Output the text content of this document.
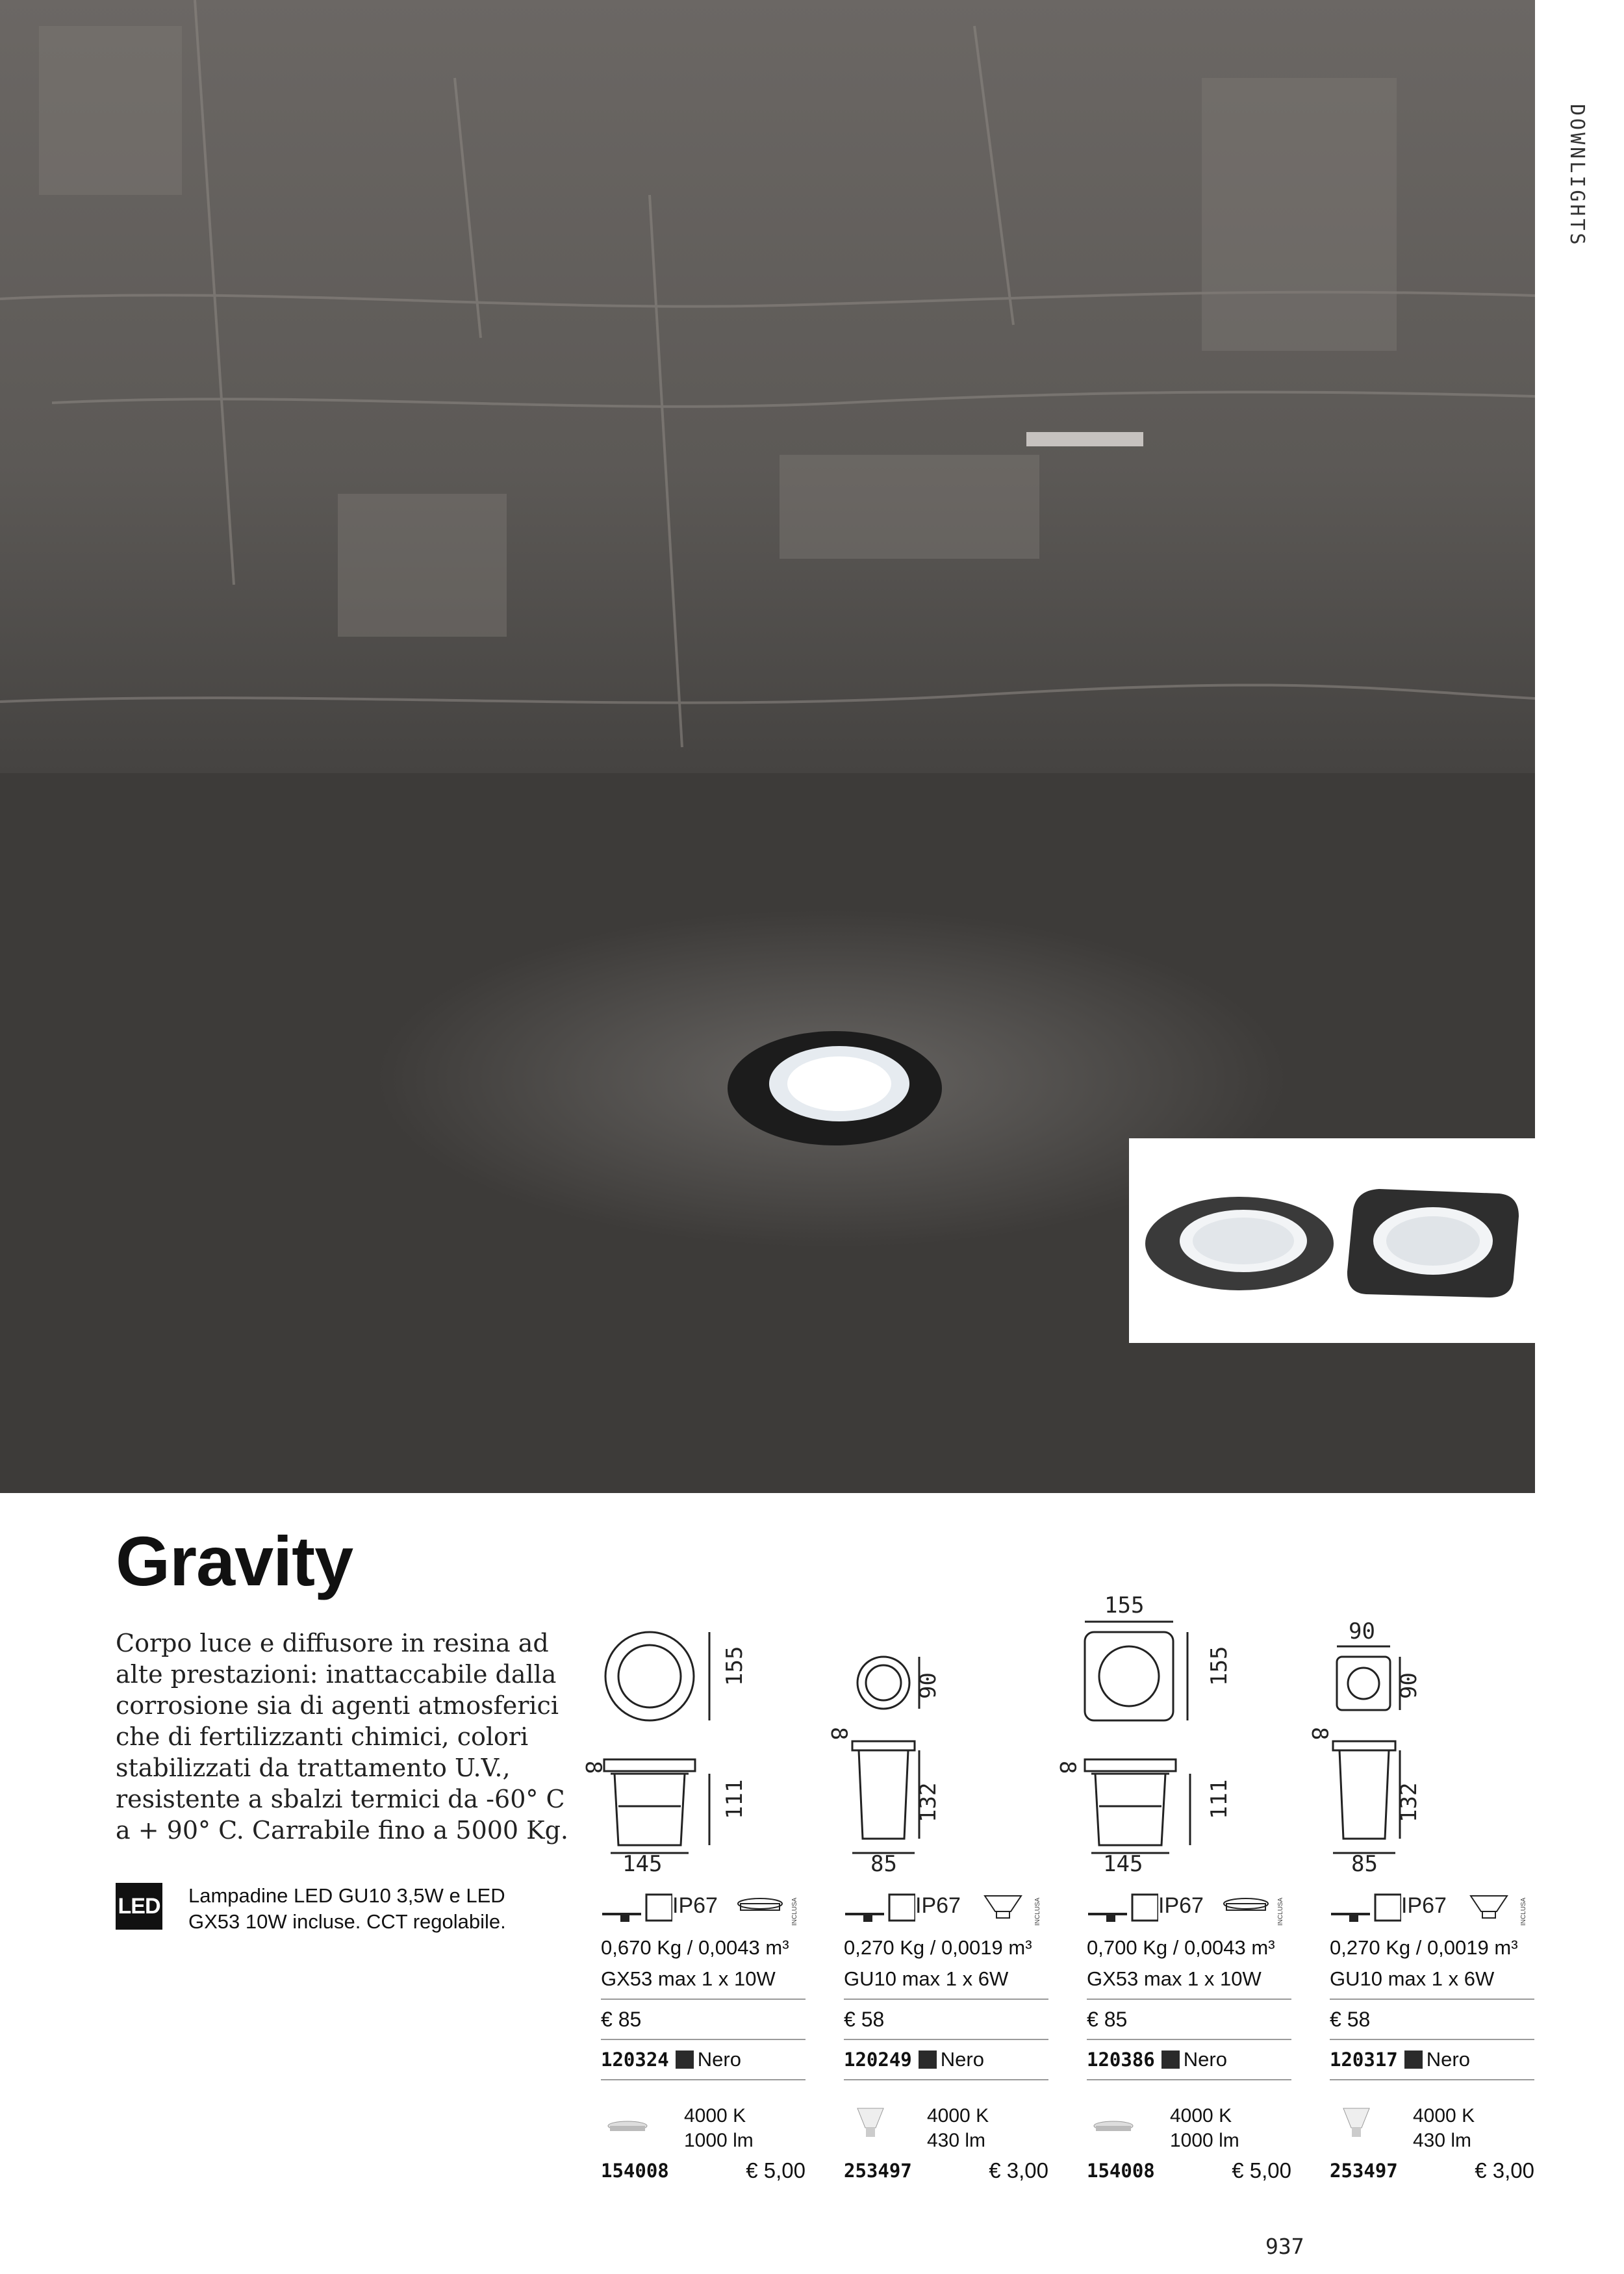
DOWNLIGHTS
Gravity
Corpo luce e diffusore in resina ad alte prestazioni: inattaccabile dalla corrosione sia di agenti atmosferici che di fertilizzanti chimici, colori stabilizzati da trattamento U.V., resistente a sbalzi termici da -60° C a + 90° C. Carrabile fino a 5000 Kg.
LED Lampadine LED GU10 3,5W e LED GX53 10W incluse. CCT regolabile.
155
8
111
145
90
8
132
85
155
155
8
111
145
90
90
8
132
85
IP67	INCLUSA
0,670 Kg / 0,0043 m³
GX53 max 1 x 10W
€ 85
120324 Nero
4000 K
1000 lm
154008	€ 5,00
IP67	INCLUSA
0,270 Kg / 0,0019 m³
GU10 max 1 x 6W
€ 58
120249 Nero
4000 K
430 lm
253497	€ 3,00
IP67	INCLUSA
0,700 Kg / 0,0043 m³
GX53 max 1 x 10W
€ 85
120386 Nero
4000 K
1000 lm
154008	€ 5,00
IP67	INCLUSA
0,270 Kg / 0,0019 m³
GU10 max 1 x 6W
€ 58
120317 Nero
4000 K
430 lm
253497	€ 3,00
937
